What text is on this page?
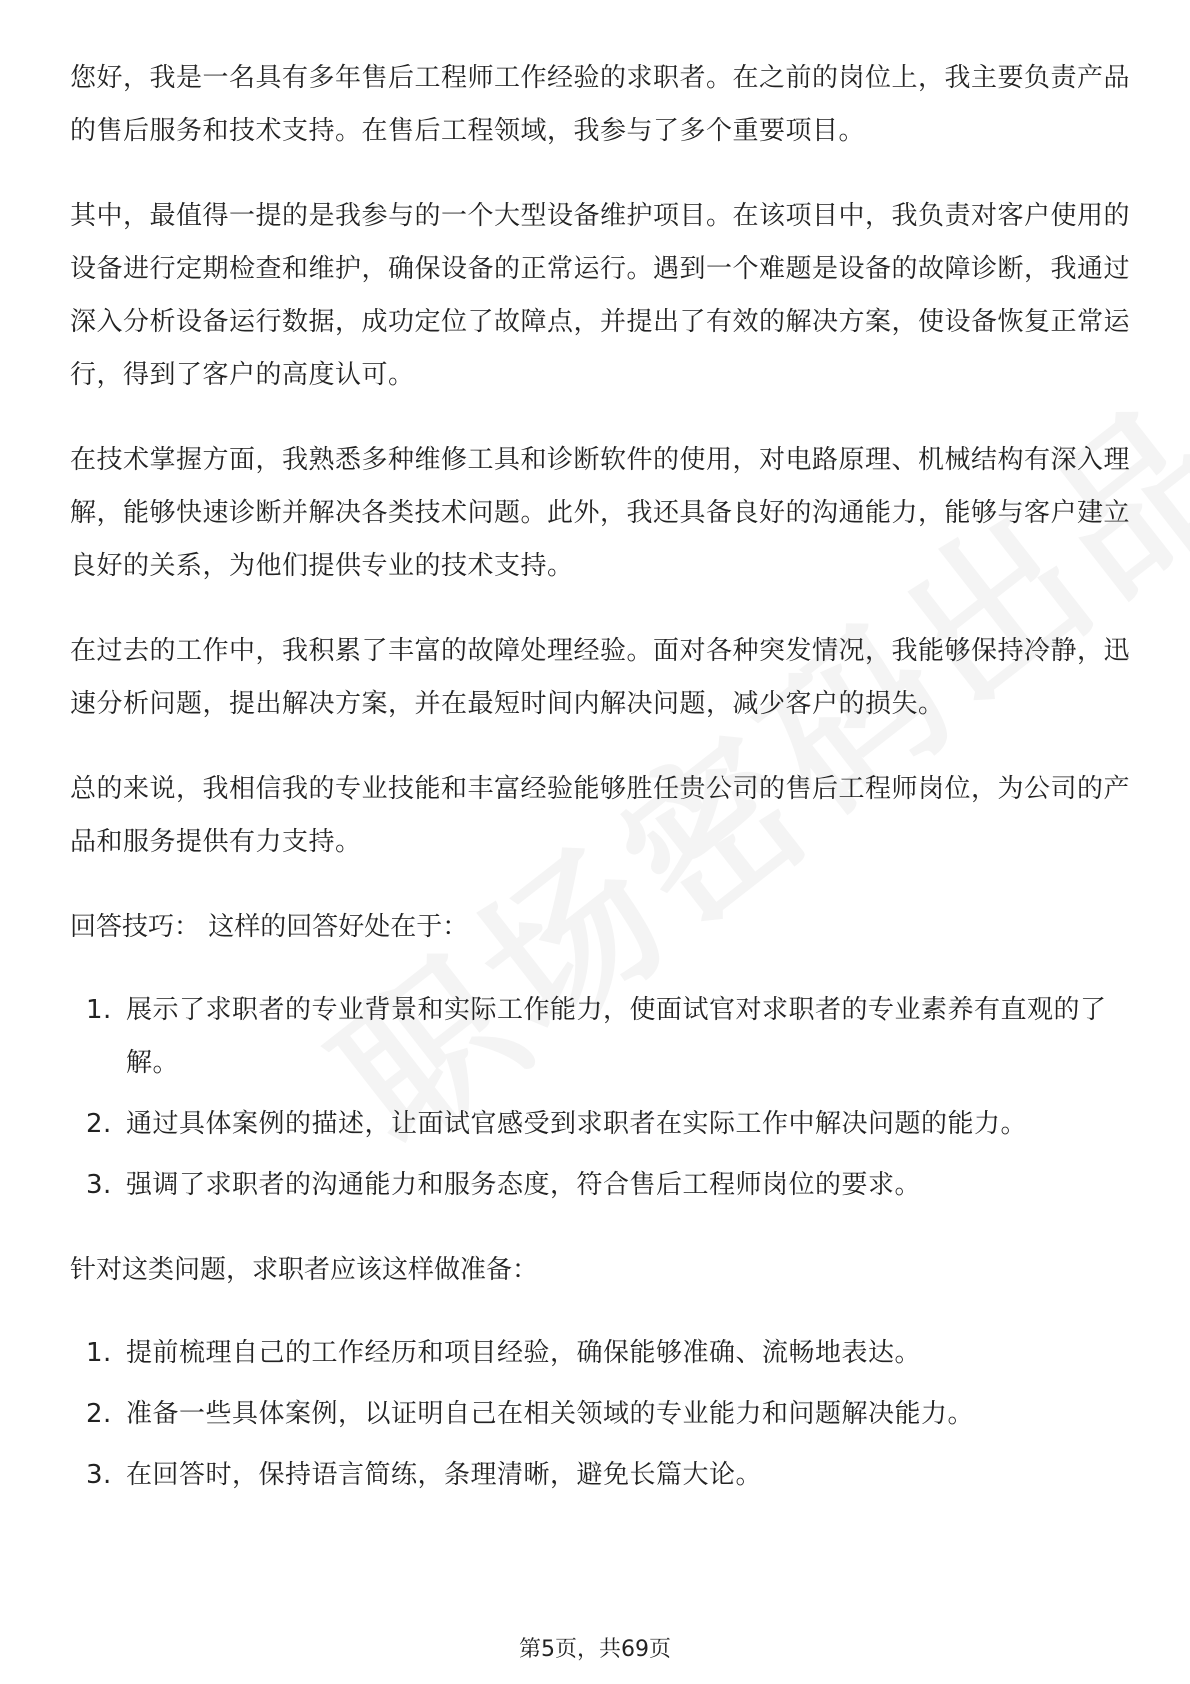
您好，我是一名具有多年售后工程师工作经验的求职者。在之前的岗位上，我主要负责产品的售后服务和技术支持。在售后工程领域，我参与了多个重要项目。

其中，最值得一提的是我参与的一个大型设备维护项目。在该项目中，我负责对客户使用的设备进行定期检查和维护，确保设备的正常运行。遇到一个难题是设备的故障诊断，我通过深入分析设备运行数据，成功定位了故障点，并提出了有效的解决方案，使设备恢复正常运行，得到了客户的高度认可。

在技术掌握方面，我熟悉多种维修工具和诊断软件的使用，对电路原理、机械结构有深入理解，能够快速诊断并解决各类技术问题。此外，我还具备良好的沟通能力，能够与客户建立良好的关系，为他们提供专业的技术支持。

在过去的工作中，我积累了丰富的故障处理经验。面对各种突发情况，我能够保持冷静，迅速分析问题，提出解决方案，并在最短时间内解决问题，减少客户的损失。

总的来说，我相信我的专业技能和丰富经验能够胜任贵公司的售后工程师岗位，为公司的产品和服务提供有力支持。

回答技巧： 这样的回答好处在于：

1. 展示了求职者的专业背景和实际工作能力，使面试官对求职者的专业素养有直观的了解。
2. 通过具体案例的描述，让面试官感受到求职者在实际工作中解决问题的能力。
3. 强调了求职者的沟通能力和服务态度，符合售后工程师岗位的要求。

针对这类问题，求职者应该这样做准备：

1. 提前梳理自己的工作经历和项目经验，确保能够准确、流畅地表达。
2. 准备一些具体案例，以证明自己在相关领域的专业能力和问题解决能力。
3. 在回答时，保持语言简练，条理清晰，避免长篇大论。
第5页，共69页
